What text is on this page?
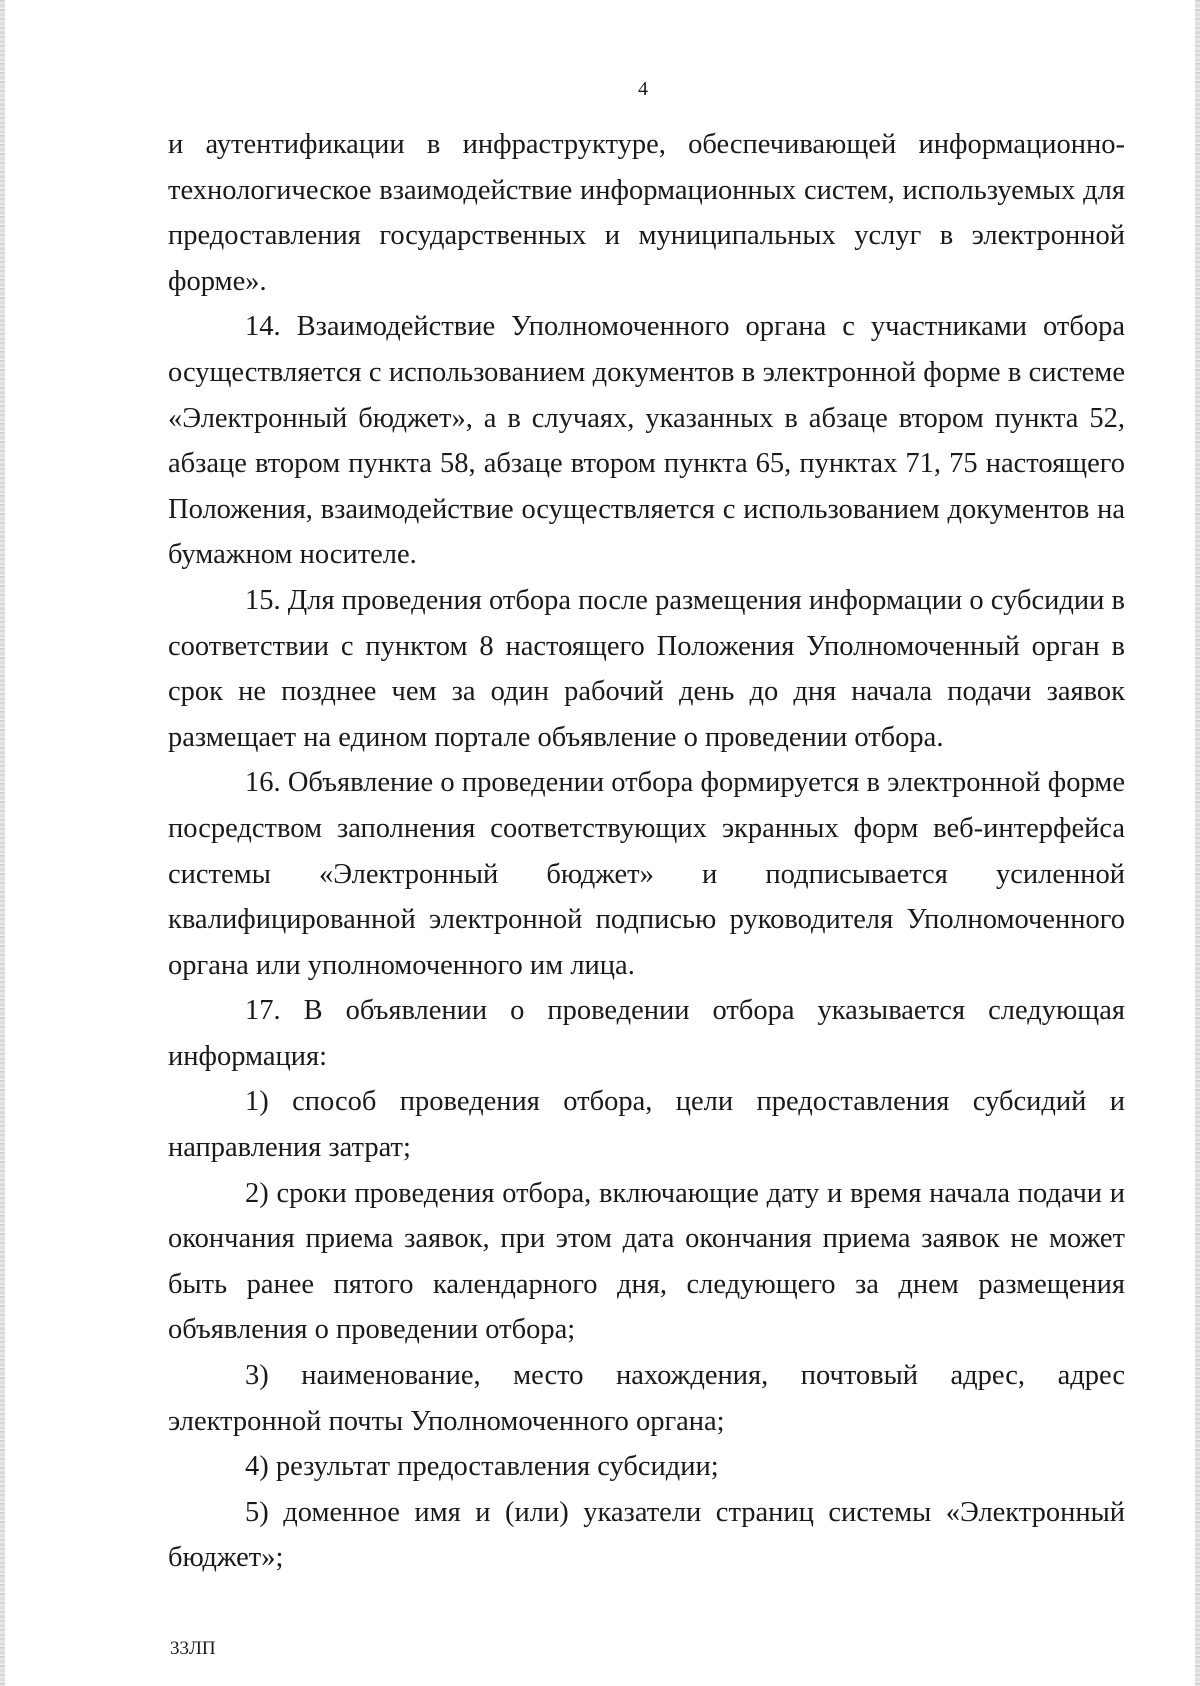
4

и аутентификации в инфраструктуре, обеспечивающей информационно-технологическое взаимодействие информационных систем, используемых для предоставления государственных и муниципальных услуг в электронной форме».

14. Взаимодействие Уполномоченного органа с участниками отбора осуществляется с использованием документов в электронной форме в системе «Электронный бюджет», а в случаях, указанных в абзаце втором пункта 52, абзаце втором пункта 58, абзаце втором пункта 65, пунктах 71, 75 настоящего Положения, взаимодействие осуществляется с использованием документов на бумажном носителе.

15. Для проведения отбора после размещения информации о субсидии в соответствии с пунктом 8 настоящего Положения Уполномоченный орган в срок не позднее чем за один рабочий день до дня начала подачи заявок размещает на едином портале объявление о проведении отбора.

16. Объявление о проведении отбора формируется в электронной форме посредством заполнения соответствующих экранных форм веб-интерфейса системы «Электронный бюджет» и подписывается усиленной квалифицированной электронной подписью руководителя Уполномоченного органа или уполномоченного им лица.

17. В объявлении о проведении отбора указывается следующая информация:

1) способ проведения отбора, цели предоставления субсидий и направления затрат;

2) сроки проведения отбора, включающие дату и время начала подачи и окончания приема заявок, при этом дата окончания приема заявок не может быть ранее пятого календарного дня, следующего за днем размещения объявления о проведении отбора;

3) наименование, место нахождения, почтовый адрес, адрес электронной почты Уполномоченного органа;

4) результат предоставления субсидии;

5) доменное имя и (или) указатели страниц системы «Электронный бюджет»;

33ЛП
